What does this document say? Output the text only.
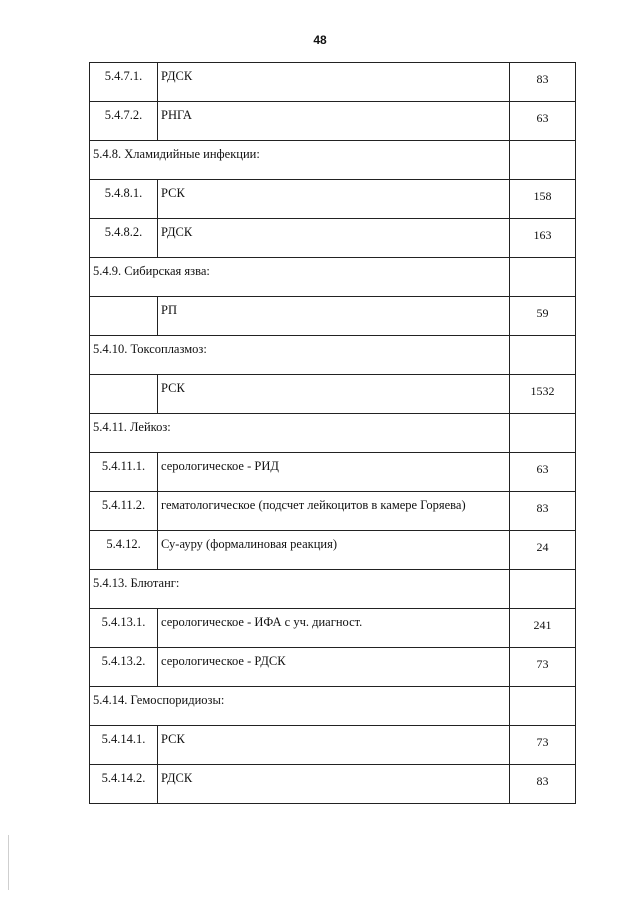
48
5.4.7.1.	РДСК	83

5.4.7.2.	РНГА	63

5.4.8. Хламидийные инфекции:		

5.4.8.1.	РСК	158

5.4.8.2.	РДСК	163

5.4.9. Сибирская язва:		

	РП	59

5.4.10. Токсоплазмоз:		

	РСК	1532

5.4.11. Лейкоз:		

5.4.11.1.	серологическое - РИД	63

5.4.11.2.	гематологическое (подсчет лейкоцитов в камере Горяева)	83

5.4.12.	Су-ауру (формалиновая реакция)	24

5.4.13. Блютанг:		

5.4.13.1.	серологическое - ИФА с уч. диагност.	241

5.4.13.2.	серологическое - РДСК	73

5.4.14. Гемоспоридиозы:		

5.4.14.1.	РСК	73

5.4.14.2.	РДСК	83
